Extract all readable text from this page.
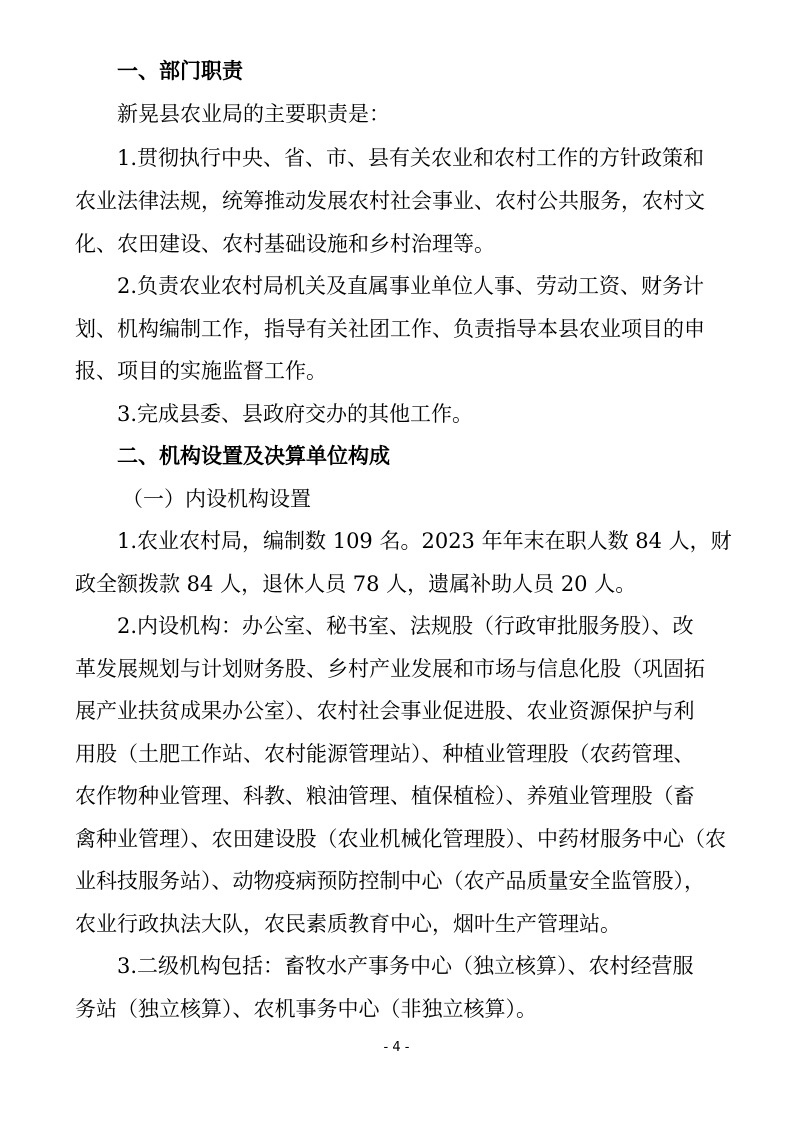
一、部门职责

新晃县农业局的主要职责是：

1.贯彻执行中央、省、市、县有关农业和农村工作的方针政策和

农业法律法规，统筹推动发展农村社会事业、农村公共服务，农村文

化、农田建设、农村基础设施和乡村治理等。

2.负责农业农村局机关及直属事业单位人事、劳动工资、财务计

划、机构编制工作，指导有关社团工作、负责指导本县农业项目的申

报、项目的实施监督工作。

3.完成县委、县政府交办的其他工作。

二、机构设置及决算单位构成

（一）内设机构设置

1.农业农村局，编制数 109 名。2023 年年末在职人数 84 人，财

政全额拨款 84 人，退休人员 78 人，遗属补助人员 20 人。

2.内设机构：办公室、秘书室、法规股（行政审批服务股）、改

革发展规划与计划财务股、乡村产业发展和市场与信息化股（巩固拓

展产业扶贫成果办公室）、农村社会事业促进股、农业资源保护与利

用股（土肥工作站、农村能源管理站）、种植业管理股（农药管理、

农作物种业管理、科教、粮油管理、植保植检）、养殖业管理股（畜

禽种业管理）、农田建设股（农业机械化管理股）、中药材服务中心（农

业科技服务站）、动物疫病预防控制中心（农产品质量安全监管股），

农业行政执法大队，农民素质教育中心，烟叶生产管理站。

3.二级机构包括：畜牧水产事务中心（独立核算）、农村经营服

务站（独立核算）、农机事务中心（非独立核算）。

- 4 -
